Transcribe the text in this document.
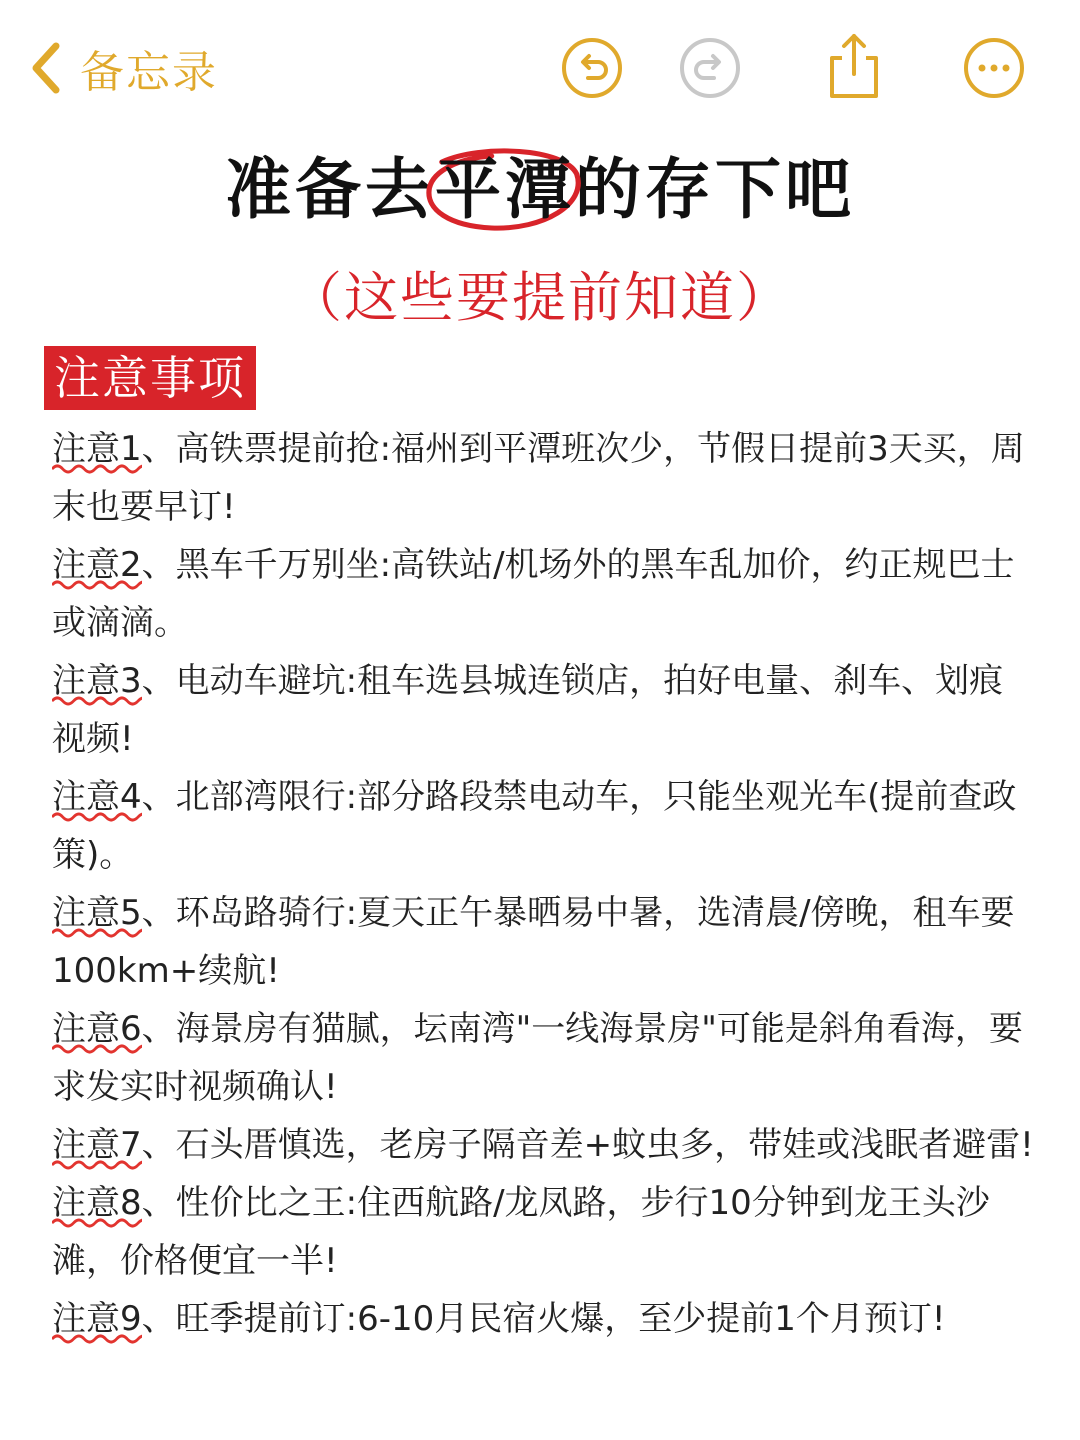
备忘录
准备去
平潭的存下吧
（这些要提前知道）
注意事项
注意1
、高铁票提前抢:福州到平潭班次少，节假日提前3天买，周末也要早订!
注意2
、黑车千万别坐:高铁站/机场外的黑车乱加价，约正规巴士或滴滴。
注意3
、电动车避坑:租车选县城连锁店，拍好电量、刹车、划痕视频!
注意4
、北部湾限行:部分路段禁电动车，只能坐观光车(提前查政策)。
注意5
、环岛路骑行:夏天正午暴晒易中暑，选清晨/傍晚，租车要100km+续航!
注意6
、海景房有猫腻，坛南湾"一线海景房"可能是斜角看海，要求发实时视频确认!
注意7
、石头厝慎选，老房子隔音差+蚊虫多，带娃或浅眠者避雷!
注意8
、性价比之王:住西航路/龙凤路，步行10分钟到龙王头沙滩，价格便宜一半!
注意9
、旺季提前订:6-10月民宿火爆，至少提前1个月预订!
